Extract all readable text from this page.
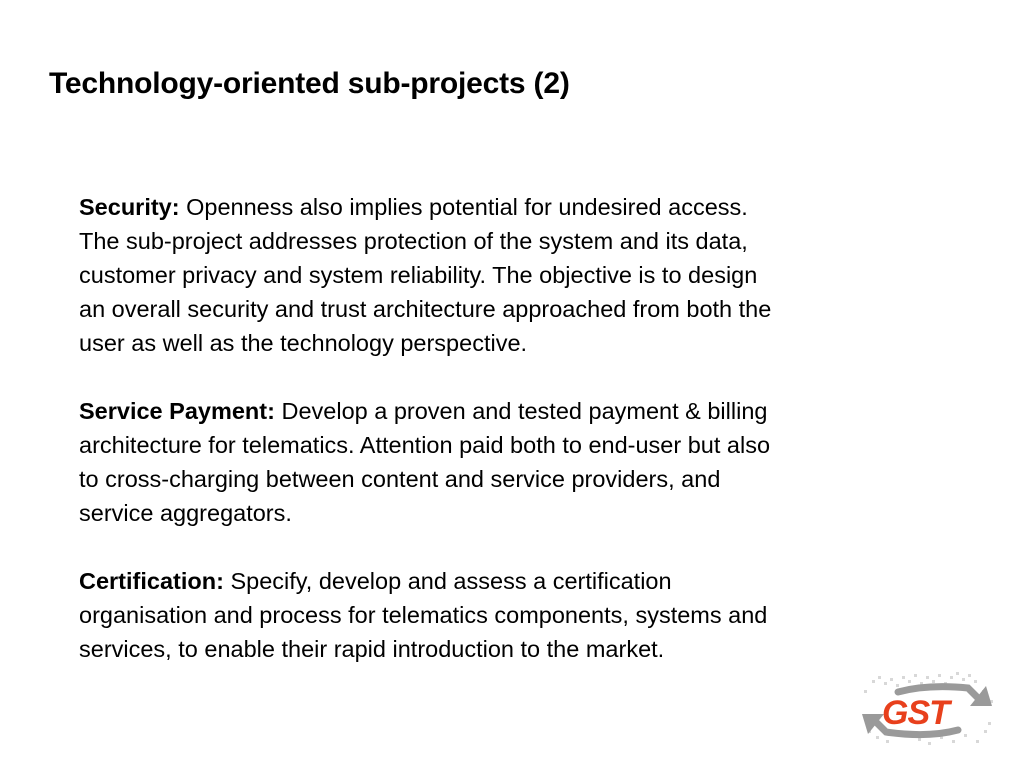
Technology-oriented sub-projects (2)

Security: Openness also implies potential for undesired access.
The sub-project addresses protection of the system and its data,
customer privacy and system reliability. The objective is to design
an overall security and trust architecture approached from both the
user as well as the technology perspective.

Service Payment: Develop a proven and tested payment & billing
architecture for telematics. Attention paid both to end-user but also
to cross-charging between content and service providers, and
service aggregators.

Certification: Specify, develop and assess a certification
organisation and process for telematics components, systems and
services, to enable their rapid introduction to the market.

GST
